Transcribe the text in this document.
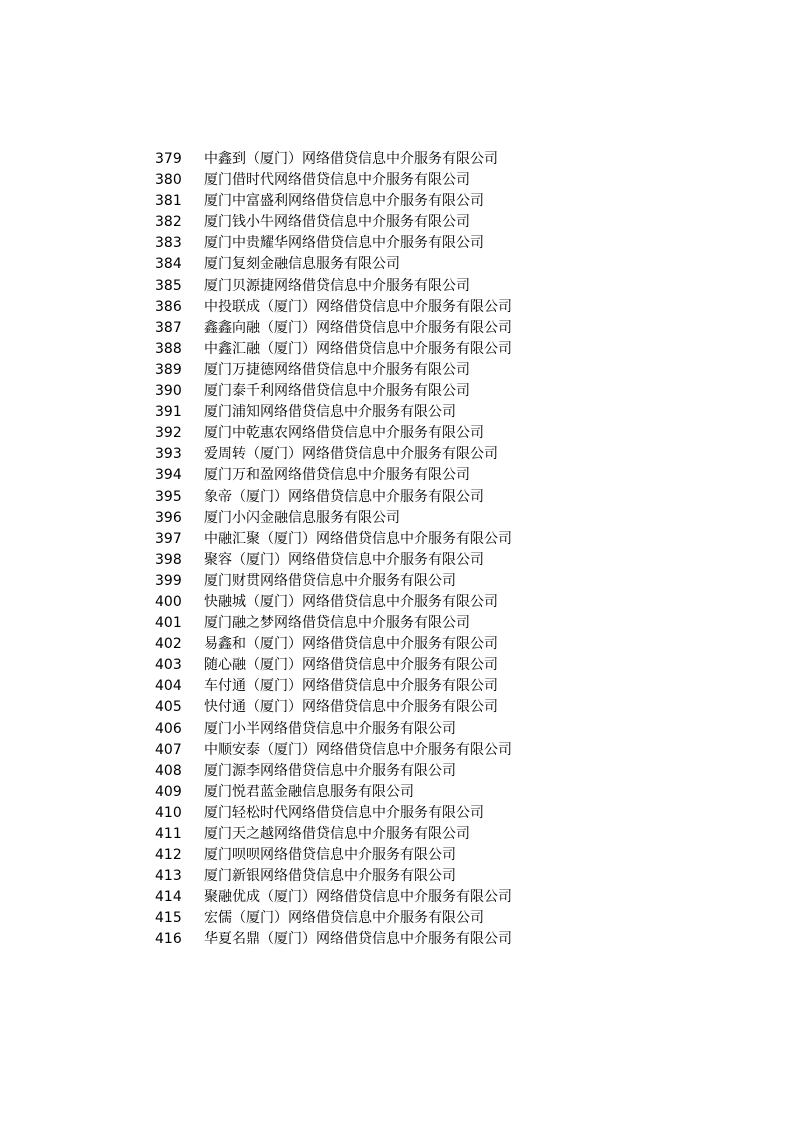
379	中鑫到（厦门）网络借贷信息中介服务有限公司
380	厦门借时代网络借贷信息中介服务有限公司
381	厦门中富盛利网络借贷信息中介服务有限公司
382	厦门钱小牛网络借贷信息中介服务有限公司
383	厦门中贵耀华网络借贷信息中介服务有限公司
384	厦门复刻金融信息服务有限公司
385	厦门贝源捷网络借贷信息中介服务有限公司
386	中投联成（厦门）网络借贷信息中介服务有限公司
387	鑫鑫向融（厦门）网络借贷信息中介服务有限公司
388	中鑫汇融（厦门）网络借贷信息中介服务有限公司
389	厦门万捷德网络借贷信息中介服务有限公司
390	厦门泰千利网络借贷信息中介服务有限公司
391	厦门浦知网络借贷信息中介服务有限公司
392	厦门中乾惠农网络借贷信息中介服务有限公司
393	爱周转（厦门）网络借贷信息中介服务有限公司
394	厦门万和盈网络借贷信息中介服务有限公司
395	象帝（厦门）网络借贷信息中介服务有限公司
396	厦门小闪金融信息服务有限公司
397	中融汇聚（厦门）网络借贷信息中介服务有限公司
398	聚容（厦门）网络借贷信息中介服务有限公司
399	厦门财贯网络借贷信息中介服务有限公司
400	快融城（厦门）网络借贷信息中介服务有限公司
401	厦门融之梦网络借贷信息中介服务有限公司
402	易鑫和（厦门）网络借贷信息中介服务有限公司
403	随心融（厦门）网络借贷信息中介服务有限公司
404	车付通（厦门）网络借贷信息中介服务有限公司
405	快付通（厦门）网络借贷信息中介服务有限公司
406	厦门小半网络借贷信息中介服务有限公司
407	中顺安泰（厦门）网络借贷信息中介服务有限公司
408	厦门源李网络借贷信息中介服务有限公司
409	厦门悦君蓝金融信息服务有限公司
410	厦门轻松时代网络借贷信息中介服务有限公司
411	厦门天之越网络借贷信息中介服务有限公司
412	厦门呗呗网络借贷信息中介服务有限公司
413	厦门新银网络借贷信息中介服务有限公司
414	聚融优成（厦门）网络借贷信息中介服务有限公司
415	宏儒（厦门）网络借贷信息中介服务有限公司
416	华夏名鼎（厦门）网络借贷信息中介服务有限公司
